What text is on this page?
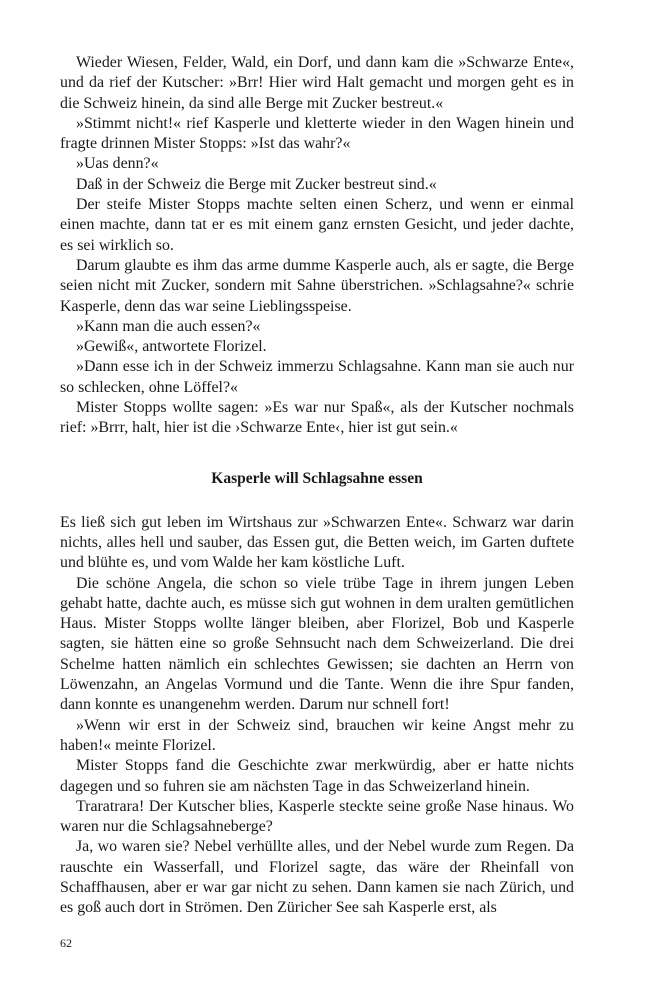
Wieder Wiesen, Felder, Wald, ein Dorf, und dann kam die »Schwarze Ente«, und da rief der Kutscher: »Brr! Hier wird Halt gemacht und morgen geht es in die Schweiz hinein, da sind alle Berge mit Zucker bestreut.«

»Stimmt nicht!« rief Kasperle und kletterte wieder in den Wagen hinein und fragte drinnen Mister Stopps: »Ist das wahr?«

»Uas denn?«

Daß in der Schweiz die Berge mit Zucker bestreut sind.«

Der steife Mister Stopps machte selten einen Scherz, und wenn er einmal einen machte, dann tat er es mit einem ganz ernsten Gesicht, und jeder dachte, es sei wirklich so.

Darum glaubte es ihm das arme dumme Kasperle auch, als er sagte, die Berge seien nicht mit Zucker, sondern mit Sahne überstrichen. »Schlagsahne?« schrie Kasperle, denn das war seine Lieblingsspeise.

»Kann man die auch essen?«

»Gewiß«, antwortete Florizel.

»Dann esse ich in der Schweiz immerzu Schlagsahne. Kann man sie auch nur so schlecken, ohne Löffel?«

Mister Stopps wollte sagen: »Es war nur Spaß«, als der Kutscher nochmals rief: »Brrr, halt, hier ist die ›Schwarze Ente‹, hier ist gut sein.«

Kasperle will Schlagsahne essen

Es ließ sich gut leben im Wirtshaus zur »Schwarzen Ente«. Schwarz war darin nichts, alles hell und sauber, das Essen gut, die Betten weich, im Garten duftete und blühte es, und vom Walde her kam köstliche Luft.

Die schöne Angela, die schon so viele trübe Tage in ihrem jungen Leben gehabt hatte, dachte auch, es müsse sich gut wohnen in dem uralten gemütlichen Haus. Mister Stopps wollte länger bleiben, aber Florizel, Bob und Kasperle sagten, sie hätten eine so große Sehnsucht nach dem Schweizerland. Die drei Schelme hatten nämlich ein schlechtes Gewissen; sie dachten an Herrn von Löwenzahn, an Angelas Vormund und die Tante. Wenn die ihre Spur fanden, dann konnte es unangenehm werden. Darum nur schnell fort!

»Wenn wir erst in der Schweiz sind, brauchen wir keine Angst mehr zu haben!« meinte Florizel.

Mister Stopps fand die Geschichte zwar merkwürdig, aber er hatte nichts dagegen und so fuhren sie am nächsten Tage in das Schweizerland hinein.

Traratrara! Der Kutscher blies, Kasperle steckte seine große Nase hinaus. Wo waren nur die Schlagsahneberge?

Ja, wo waren sie? Nebel verhüllte alles, und der Nebel wurde zum Regen. Da rauschte ein Wasserfall, und Florizel sagte, das wäre der Rheinfall von Schaffhausen, aber er war gar nicht zu sehen. Dann kamen sie nach Zürich, und es goß auch dort in Strömen. Den Züricher See sah Kasperle erst, als

62
